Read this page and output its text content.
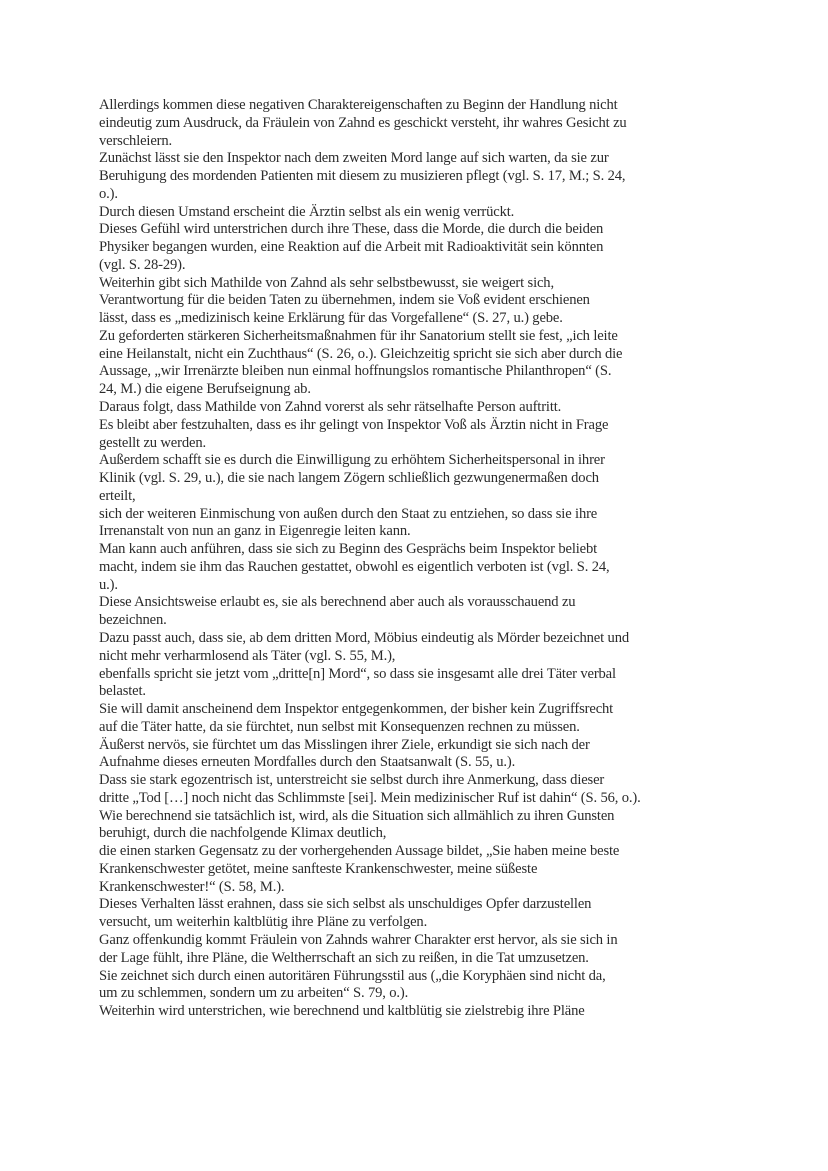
Allerdings kommen diese negativen Charaktereigenschaften zu Beginn der Handlung nicht
eindeutig zum Ausdruck, da Fräulein von Zahnd es geschickt versteht, ihr wahres Gesicht zu
verschleiern.
Zunächst lässt sie den Inspektor nach dem zweiten Mord lange auf sich warten, da sie zur
Beruhigung des mordenden Patienten mit diesem zu musizieren pflegt (vgl. S. 17, M.; S. 24,
o.).
Durch diesen Umstand erscheint die Ärztin selbst als ein wenig verrückt.
Dieses Gefühl wird unterstrichen durch ihre These, dass die Morde, die durch die beiden
Physiker begangen wurden, eine Reaktion auf die Arbeit mit Radioaktivität sein könnten
(vgl. S. 28-29).
Weiterhin gibt sich Mathilde von Zahnd als sehr selbstbewusst, sie weigert sich,
Verantwortung für die beiden Taten zu übernehmen, indem sie Voß evident erschienen
lässt, dass es „medizinisch keine Erklärung für das Vorgefallene“ (S. 27, u.) gebe.
Zu geforderten stärkeren Sicherheitsmaßnahmen für ihr Sanatorium stellt sie fest, „ich leite
eine Heilanstalt, nicht ein Zuchthaus“ (S. 26, o.). Gleichzeitig spricht sie sich aber durch die
Aussage, „wir Irrenärzte bleiben nun einmal hoffnungslos romantische Philanthropen“ (S.
24, M.) die eigene Berufseignung ab.
Daraus folgt, dass Mathilde von Zahnd vorerst als sehr rätselhafte Person auftritt.
Es bleibt aber festzuhalten, dass es ihr gelingt von Inspektor Voß als Ärztin nicht in Frage
gestellt zu werden.
Außerdem schafft sie es durch die Einwilligung zu erhöhtem Sicherheitspersonal in ihrer
Klinik (vgl. S. 29, u.), die sie nach langem Zögern schließlich gezwungenermaßen doch
erteilt,
sich der weiteren Einmischung von außen durch den Staat zu entziehen, so dass sie ihre
Irrenanstalt von nun an ganz in Eigenregie leiten kann.
Man kann auch anführen, dass sie sich zu Beginn des Gesprächs beim Inspektor beliebt
macht, indem sie ihm das Rauchen gestattet, obwohl es eigentlich verboten ist (vgl. S. 24,
u.).
Diese Ansichtsweise erlaubt es, sie als berechnend aber auch als vorausschauend zu
bezeichnen.
Dazu passt auch, dass sie, ab dem dritten Mord, Möbius eindeutig als Mörder bezeichnet und
nicht mehr verharmlosend als Täter (vgl. S. 55, M.),
ebenfalls spricht sie jetzt vom „dritte[n] Mord“, so dass sie insgesamt alle drei Täter verbal
belastet.
Sie will damit anscheinend dem Inspektor entgegenkommen, der bisher kein Zugriffsrecht
auf die Täter hatte, da sie fürchtet, nun selbst mit Konsequenzen rechnen zu müssen.
Äußerst nervös, sie fürchtet um das Misslingen ihrer Ziele, erkundigt sie sich nach der
Aufnahme dieses erneuten Mordfalles durch den Staatsanwalt (S. 55, u.).
Dass sie stark egozentrisch ist, unterstreicht sie selbst durch ihre Anmerkung, dass dieser
dritte „Tod […] noch nicht das Schlimmste [sei]. Mein medizinischer Ruf ist dahin“ (S. 56, o.).
Wie berechnend sie tatsächlich ist, wird, als die Situation sich allmählich zu ihren Gunsten
beruhigt, durch die nachfolgende Klimax deutlich,
die einen starken Gegensatz zu der vorhergehenden Aussage bildet, „Sie haben meine beste
Krankenschwester getötet, meine sanfteste Krankenschwester, meine süßeste
Krankenschwester!“ (S. 58, M.).
Dieses Verhalten lässt erahnen, dass sie sich selbst als unschuldiges Opfer darzustellen
versucht, um weiterhin kaltblütig ihre Pläne zu verfolgen.
Ganz offenkundig kommt Fräulein von Zahnds wahrer Charakter erst hervor, als sie sich in
der Lage fühlt, ihre Pläne, die Weltherrschaft an sich zu reißen, in die Tat umzusetzen.
Sie zeichnet sich durch einen autoritären Führungsstil aus („die Koryphäen sind nicht da,
um zu schlemmen, sondern um zu arbeiten“ S. 79, o.).
Weiterhin wird unterstrichen, wie berechnend und kaltblütig sie zielstrebig ihre Pläne
